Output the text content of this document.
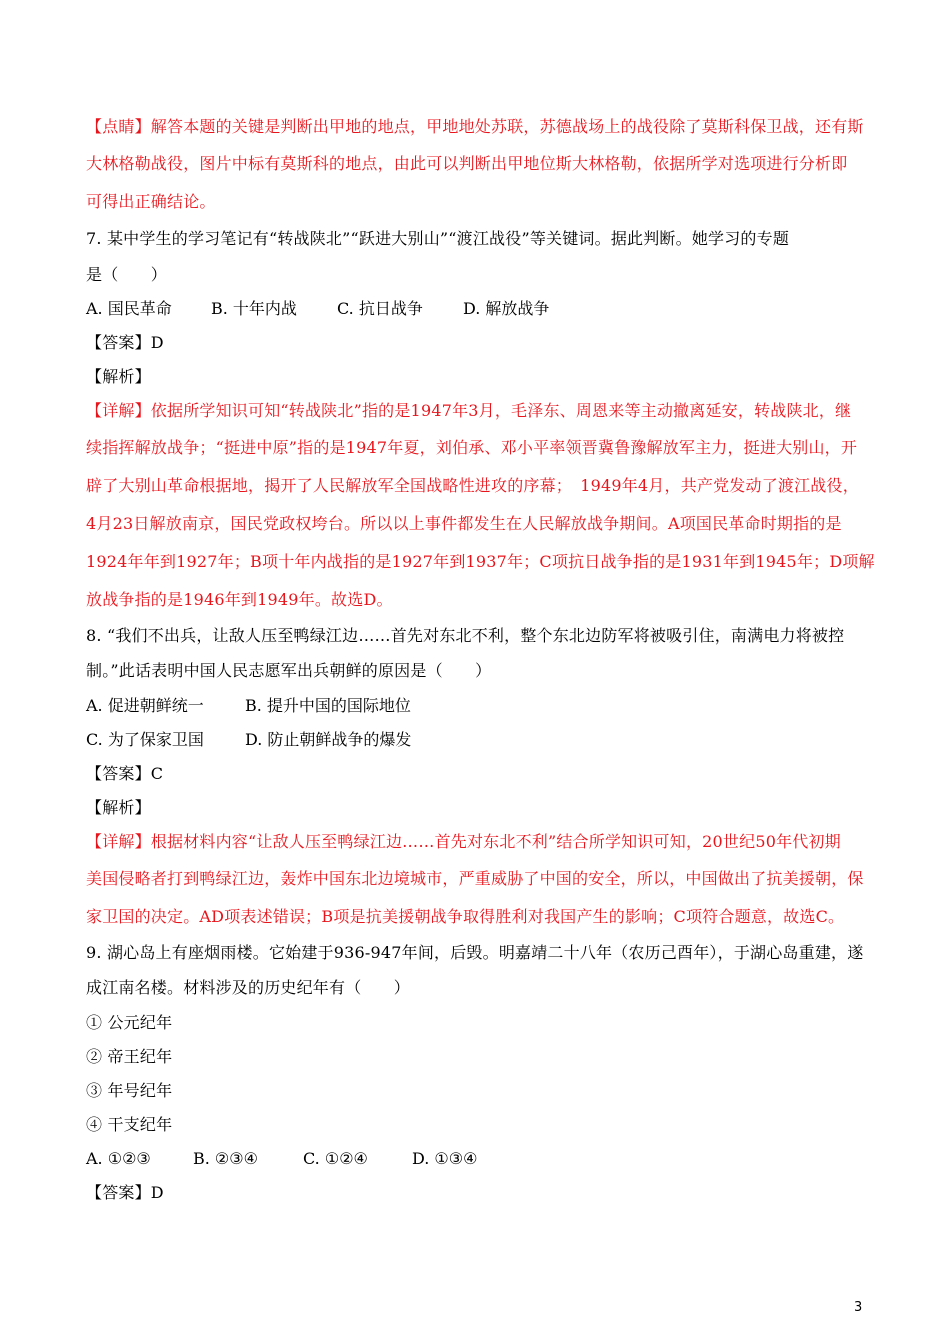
【点睛】解答本题的关键是判断出甲地的地点，甲地地处苏联，苏德战场上的战役除了莫斯科保卫战，还有斯
大林格勒战役，图片中标有莫斯科的地点，由此可以判断出甲地位斯大林格勒，依据所学对选项进行分析即
可得出正确结论。
7. 某中学生的学习笔记有“转战陕北”“跃进大别山”“渡江战役”等关键词。据此判断。她学习的专题
是（　　）
A. 国民革命 B. 十年内战	C. 抗日战争	D. 解放战争
【答案】D
【解析】
【详解】依据所学知识可知“转战陕北”指的是1947年3月，毛泽东、周恩来等主动撤离延安，转战陕北，继
续指挥解放战争；“挺进中原”指的是1947年夏，刘伯承、邓小平率领晋冀鲁豫解放军主力，挺进大别山，开
辟了大别山革命根据地，揭开了人民解放军全国战略性进攻的序幕；　1949年4月，共产党发动了渡江战役，
4月23日解放南京，国民党政权垮台。所以以上事件都发生在人民解放战争期间。A项国民革命时期指的是
1924年年到1927年；B项十年内战指的是1927年到1937年；C项抗日战争指的是1931年到1945年；D项解
放战争指的是1946年到1949年。故选D。
8. “我们不出兵，让敌人压至鸭绿江边……首先对东北不利，整个东北边防军将被吸引住，南满电力将被控
制。”此话表明中国人民志愿军出兵朝鲜的原因是（　　）
A. 促进朝鲜统一	B. 提升中国的国际地位
C. 为了保家卫国	D. 防止朝鲜战争的爆发
【答案】C
【解析】
【详解】根据材料内容“让敌人压至鸭绿江边……首先对东北不利”结合所学知识可知，20世纪50年代初期
美国侵略者打到鸭绿江边，轰炸中国东北边境城市，严重威胁了中国的安全，所以，中国做出了抗美援朝，保
家卫国的决定。AD项表述错误；B项是抗美援朝战争取得胜利对我国产生的影响；C项符合题意，故选C。
9. 湖心岛上有座烟雨楼。它始建于936-947年间，后毁。明嘉靖二十八年（农历己酉年），于湖心岛重建，遂
成江南名楼。材料涉及的历史纪年有（　　）
① 公元纪年
② 帝王纪年
③ 年号纪年
④ 干支纪年
A. ①②③	B. ②③④	C. ①②④	D. ①③④
【答案】D
3
